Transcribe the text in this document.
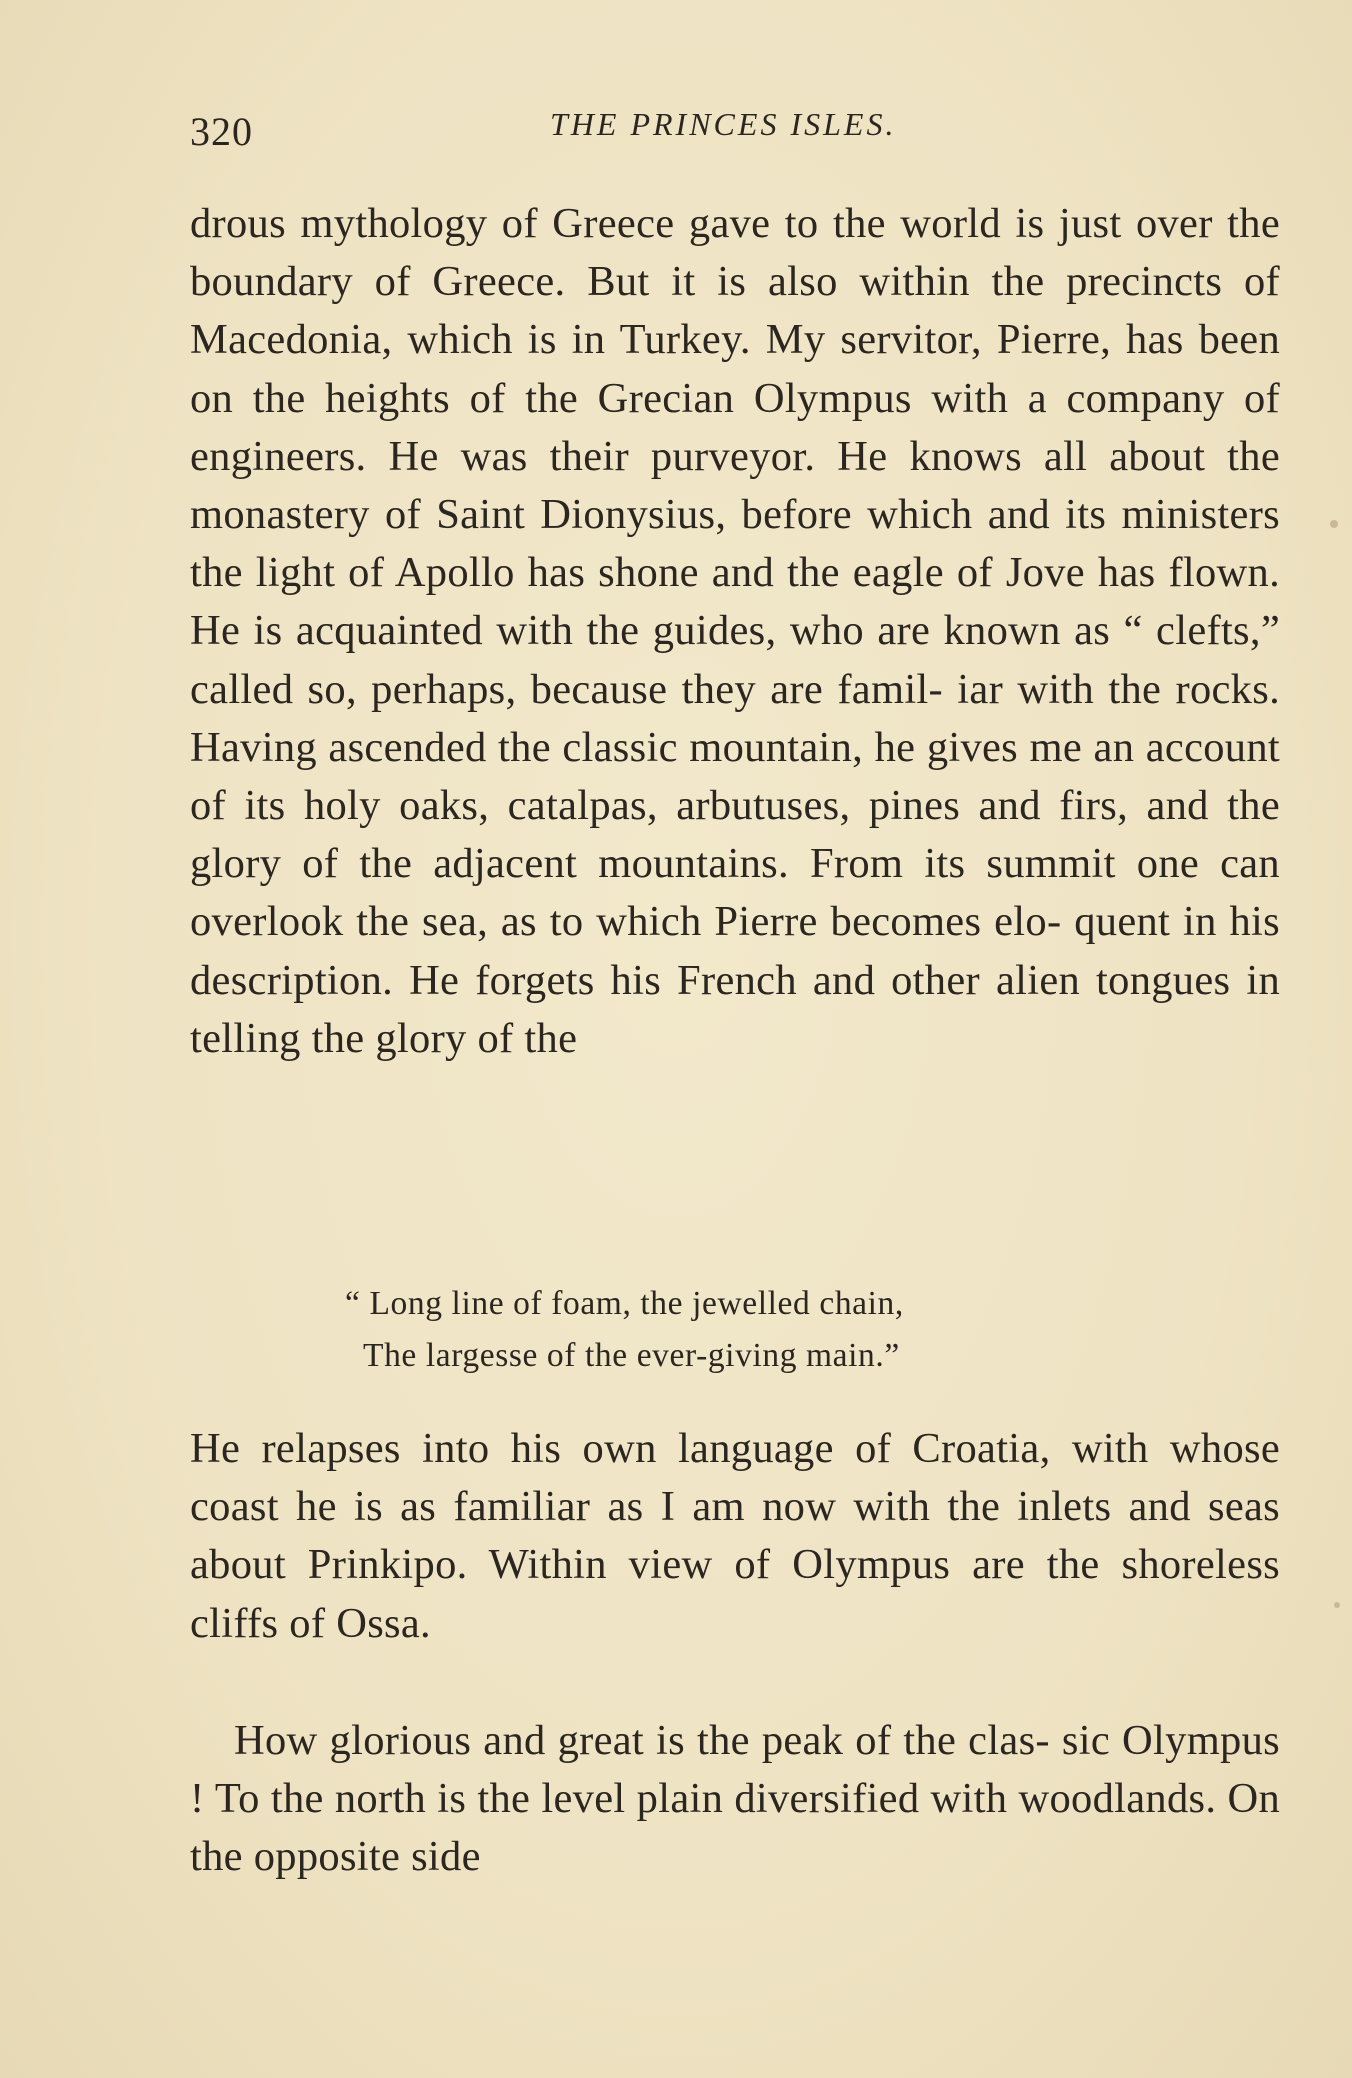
320	THE PRINCES ISLES.

drous mythology of Greece gave to the world is just over the boundary of Greece. But it is also within the precincts of Macedonia, which is in Turkey. My servitor, Pierre, has been on the heights of the Grecian Olympus with a company of engineers. He was their purveyor. He knows all about the monastery of Saint Dionysius, before which and its ministers the light of Apollo has shone and the eagle of Jove has flown. He is acquainted with the guides, who are known as “ clefts,” called so, perhaps, because they are famil- iar with the rocks. Having ascended the classic mountain, he gives me an account of its holy oaks, catalpas, arbutuses, pines and firs, and the glory of the adjacent mountains. From its summit one can overlook the sea, as to which Pierre becomes elo- quent in his description. He forgets his French and other alien tongues in telling the glory of the

“ Long line of foam, the jewelled chain,
The largesse of the ever-giving main.”

He relapses into his own language of Croatia, with whose coast he is as familiar as I am now with the inlets and seas about Prinkipo. Within view of Olympus are the shoreless cliffs of Ossa.

How glorious and great is the peak of the clas- sic Olympus ! To the north is the level plain diversified with woodlands. On the opposite side
